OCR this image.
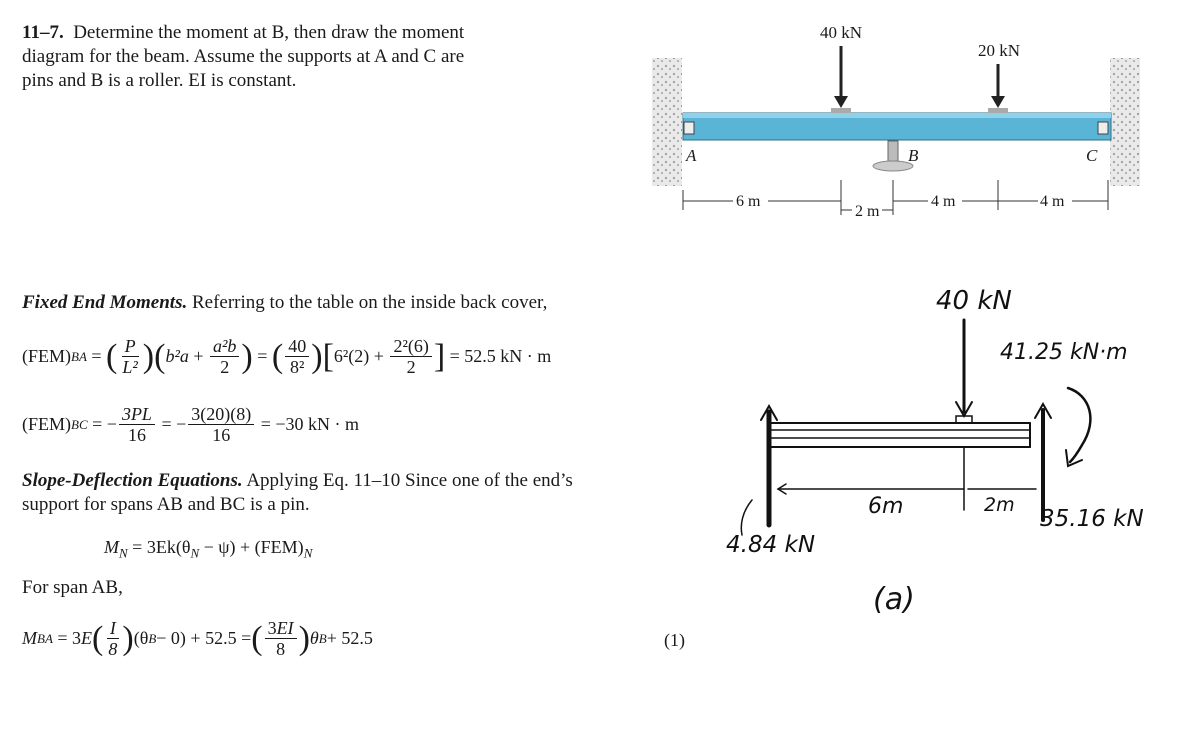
11–7. Determine the moment at B, then draw the moment
diagram for the beam. Assume the supports at A and C are
pins and B is a roller. EI is constant.
40 kN
20 kN
A	B	C
6 m
2 m
4 m	4 m
Fixed End Moments. Referring to the table on the inside back cover,
(FEM) BA = ( $\frac{P}{\text{L²}}$ ) ( $b^2a + \frac{\text{a²b}}{2}$ ) = ( $\frac{40}{\text{8²}}$ ) [ $6^2(2) + \frac{\text{2²(6)}}{2}$ ]
= 52.5 kN · m
(FEM) BC = − $\frac{3PL}{16}$ = − $\frac{3(20)(8)}{16}$
= −30 kN · m
Slope-Deflection Equations. Applying Eq. 11–10 Since one of the end’s
support for spans AB and BC is a pin.
$M_N = 3Ek(\theta_N - \psi) + (FEM)_N$
For span AB,
M BA = 3E ( $\frac{I}{8}$ ) (θ B − 0) + 52.5 = ( $\frac{3EI}{8}$ ) θ B + 52.5	(1)
40 kN
41.25 kN·m
6m	2m
4.84 kN
35.16 kN
(a)
